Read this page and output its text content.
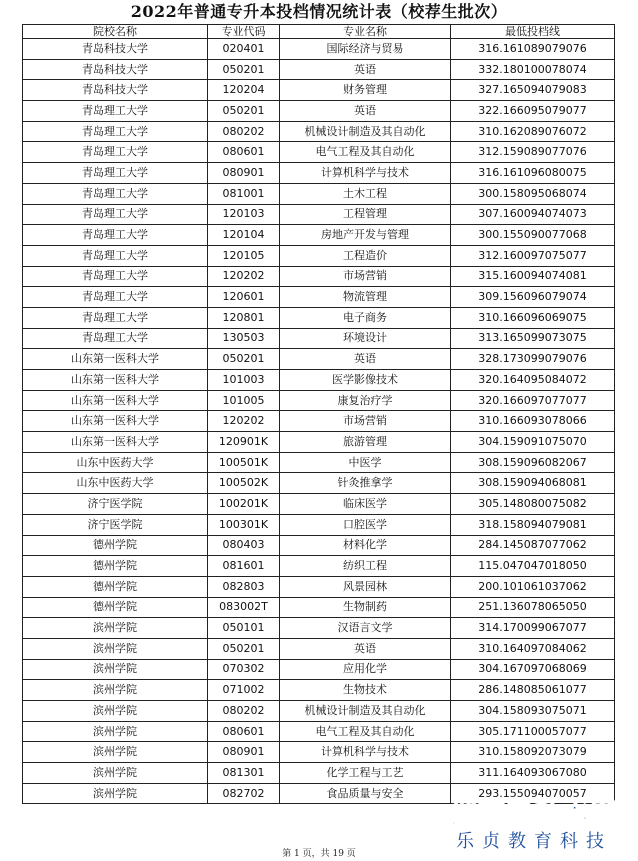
2022年普通专升本投档情况统计表（校荐生批次）
院校名称	专业代码	专业名称	最低投档线
青岛科技大学	020401	国际经济与贸易	316.161089079076
青岛科技大学	050201	英语	332.180100078074
青岛科技大学	120204	财务管理	327.165094079083
青岛理工大学	050201	英语	322.166095079077
青岛理工大学	080202	机械设计制造及其自动化	310.162089076072
青岛理工大学	080601	电气工程及其自动化	312.159089077076
青岛理工大学	080901	计算机科学与技术	316.161096080075
青岛理工大学	081001	土木工程	300.158095068074
青岛理工大学	120103	工程管理	307.160094074073
青岛理工大学	120104	房地产开发与管理	300.155090077068
青岛理工大学	120105	工程造价	312.160097075077
青岛理工大学	120202	市场营销	315.160094074081
青岛理工大学	120601	物流管理	309.156096079074
青岛理工大学	120801	电子商务	310.166096069075
青岛理工大学	130503	环境设计	313.165099073075
山东第一医科大学	050201	英语	328.173099079076
山东第一医科大学	101003	医学影像技术	320.164095084072
山东第一医科大学	101005	康复治疗学	320.166097077077
山东第一医科大学	120202	市场营销	310.166093078066
山东第一医科大学	120901K	旅游管理	304.159091075070
山东中医药大学	100501K	中医学	308.159096082067
山东中医药大学	100502K	针灸推拿学	308.159094068081
济宁医学院	100201K	临床医学	305.148080075082
济宁医学院	100301K	口腔医学	318.158094079081
德州学院	080403	材料化学	284.145087077062
德州学院	081601	纺织工程	115.047047018050
德州学院	082803	风景园林	200.101061037062
德州学院	083002T	生物制药	251.136078065050
滨州学院	050101	汉语言文学	314.170099067077
滨州学院	050201	英语	310.164097084062
滨州学院	070302	应用化学	304.167097068069
滨州学院	071002	生物技术	286.148085061077
滨州学院	080202	机械设计制造及其自动化	304.158093075071
滨州学院	080601	电气工程及其自动化	305.171100057077
滨州学院	080901	计算机科学与技术	310.158092073079
滨州学院	081301	化学工程与工艺	311.164093067080
滨州学院	082702	食品质量与安全	293.155094070057
第 1 页，共 19 页
湖南专升本网
乐贞教育科技
